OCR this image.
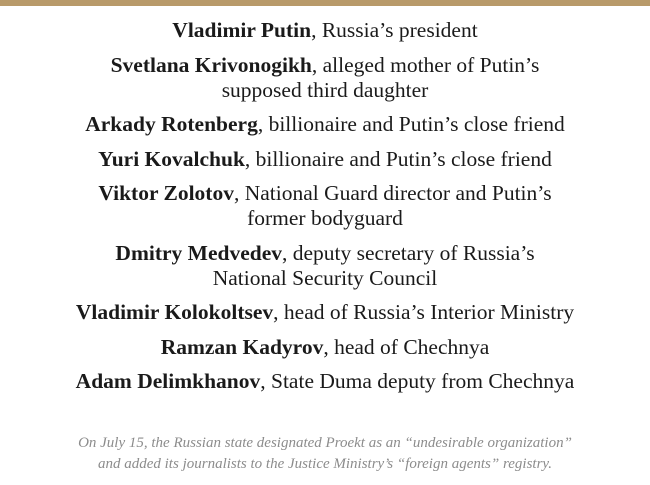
Vladimir Putin, Russia’s president
Svetlana Krivonogikh, alleged mother of Putin’s
supposed third daughter
Arkady Rotenberg, billionaire and Putin’s close friend
Yuri Kovalchuk, billionaire and Putin’s close friend
Viktor Zolotov, National Guard director and Putin’s
former bodyguard
Dmitry Medvedev, deputy secretary of Russia’s
National Security Council
Vladimir Kolokoltsev, head of Russia’s Interior Ministry
Ramzan Kadyrov, head of Chechnya
Adam Delimkhanov, State Duma deputy from Chechnya

On July 15, the Russian state designated Proekt as an “undesirable organization”
and added its journalists to the Justice Ministry’s “foreign agents” registry.
